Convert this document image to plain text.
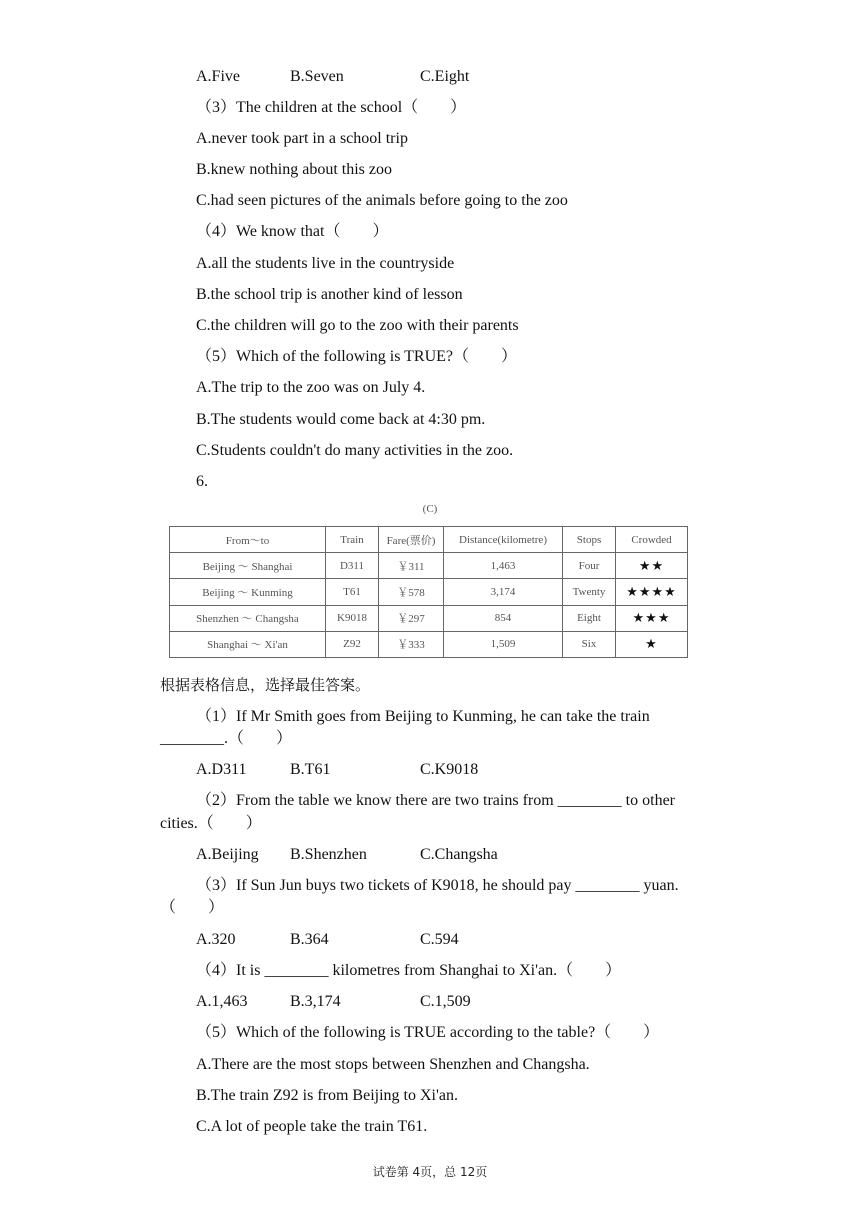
A.Five	B.Seven	C.Eight
（3）The children at the school（　　）
A.never took part in a school trip
B.knew nothing about this zoo
C.had seen pictures of the animals before going to the zoo
（4）We know that（　　）
A.all the students live in the countryside
B.the school trip is another kind of lesson
C.the children will go to the zoo with their parents
（5）Which of the following is TRUE?（　　）
A.The trip to the zoo was on July 4.
B.The students would come back at 4:30 pm.
C.Students couldn't do many activities in the zoo.
6.
(C)
From～to	Train	Fare(票价)	Distance(kilometre)	Stops	Crowded
Beijing ～ Shanghai	D311	￥311	1,463	Four	★★
Beijing ～ Kunming	T61	￥578	3,174	Twenty	★★★★
Shenzhen ～ Changsha	K9018	￥297	854	Eight	★★★
Shanghai ～ Xi'an	Z92	￥333	1,509	Six	★
根据表格信息，选择最佳答案。
（1）If Mr Smith goes from Beijing to Kunming, he can take the train
________.（　　）
A.D311	B.T61	C.K9018
（2）From the table we know there are two trains from ________ to other
cities.（　　）
A.Beijing B.Shenzhen	C.Changsha
（3）If Sun Jun buys two tickets of K9018, he should pay ________ yuan.
（　　）
A.320	B.364	C.594
（4）It is ________ kilometres from Shanghai to Xi'an.（　　）
A.1,463	B.3,174	C.1,509
（5）Which of the following is TRUE according to the table?（　　）
A.There are the most stops between Shenzhen and Changsha.
B.The train Z92 is from Beijing to Xi'an.
C.A lot of people take the train T61.
试卷第 4页，总 12页
